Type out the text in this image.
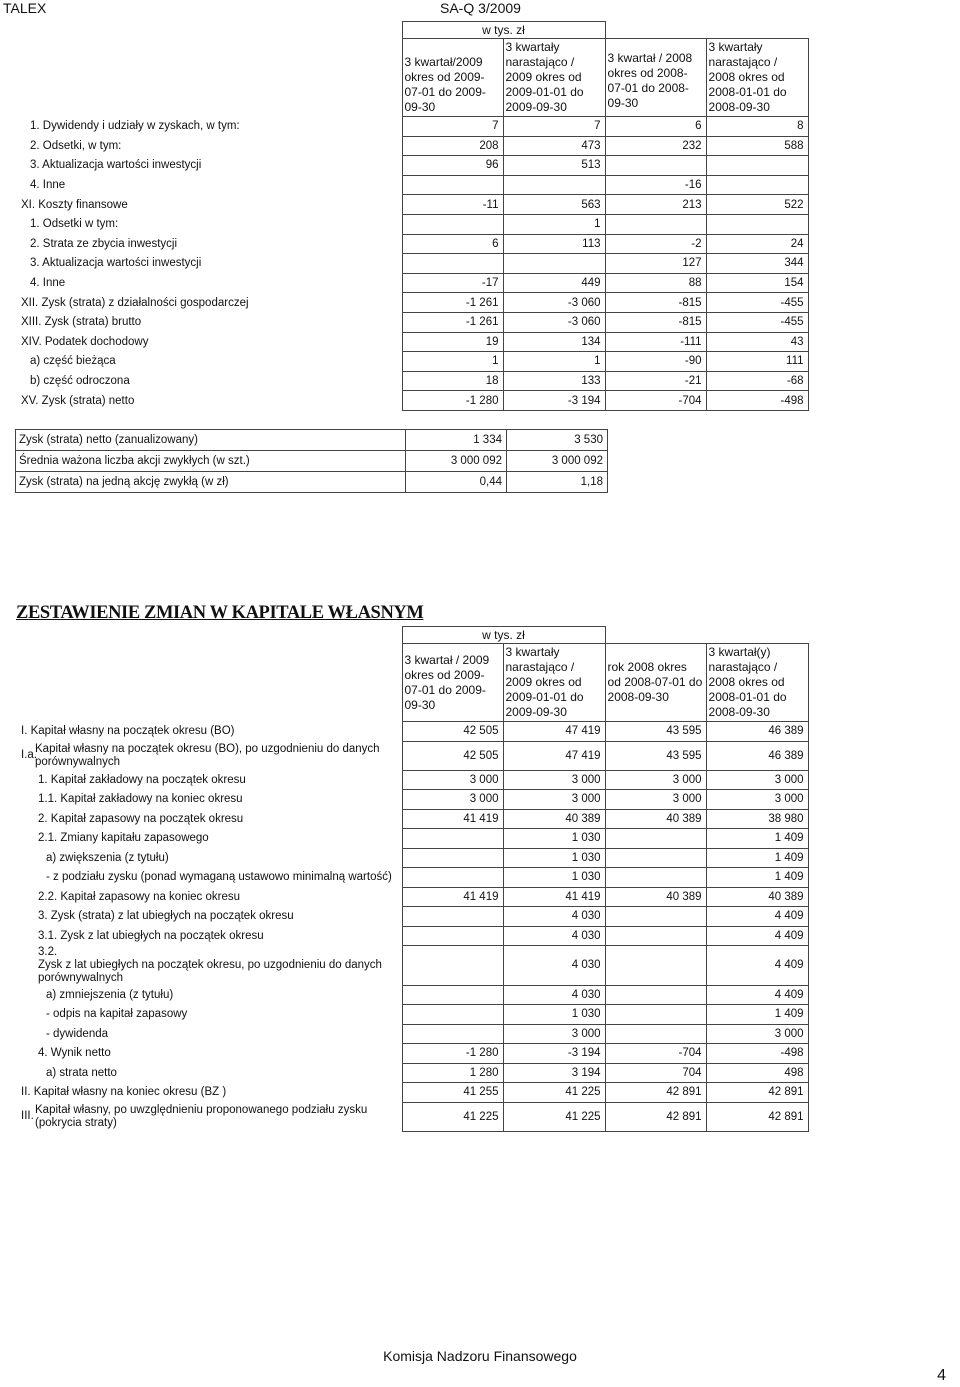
TALEX	SA-Q 3/2009
	w tys. zł			
	3 kwartał/2009 okres od 2009-07-01 do 2009-09-30	3 kwartały narastająco / 2009 okres od 2009-01-01 do 2009-09-30	3 kwartał / 2008 okres od 2008-07-01 do 2008-09-30	3 kwartały narastająco / 2008 okres od 2008-01-01 do 2008-09-30
1. Dywidendy i udziały w zyskach, w tym:	7	7	6	8
2. Odsetki, w tym:	208	473	232	588
3. Aktualizacja wartości inwestycji	96	513		
4. Inne			-16	
XI. Koszty finansowe	-11	563	213	522
1. Odsetki w tym:		1		
2. Strata ze zbycia inwestycji	6	113	-2	24
3. Aktualizacja wartości inwestycji			127	344
4. Inne	-17	449	88	154
XII. Zysk (strata) z działalności gospodarczej	-1 261	-3 060	-815	-455
XIII. Zysk (strata) brutto	-1 261	-3 060	-815	-455
XIV. Podatek dochodowy	19	134	-111	43
a) część bieżąca	1	1	-90	111
b) część odroczona	18	133	-21	-68
XV. Zysk (strata) netto	-1 280	-3 194	-704	-498
Zysk (strata) netto (zanualizowany)	1 334	3 530
Średnia ważona liczba akcji zwykłych (w szt.)	3 000 092	3 000 092
Zysk (strata) na jedną akcję zwykłą (w zł)	0,44	1,18
ZESTAWIENIE ZMIAN W KAPITALE WŁASNYM
	w tys. zł			
	3 kwartał / 2009 okres od 2009-07-01 do 2009-09-30	3 kwartały narastająco / 2009 okres od 2009-01-01 do 2009-09-30	rok 2008 okres od 2008-07-01 do 2008-09-30	3 kwartał(y) narastająco / 2008 okres od 2008-01-01 do 2008-09-30
I. Kapitał własny na początek okresu (BO)	42 505	47 419	43 595	46 389
I.a.Kapitał własny na początek okresu (BO), po uzgodnieniu do danych porównywalnych	42 505	47 419	43 595	46 389
1. Kapitał zakładowy na początek okresu	3 000	3 000	3 000	3 000
1.1. Kapitał zakładowy na koniec okresu	3 000	3 000	3 000	3 000
2. Kapitał zapasowy na początek okresu	41 419	40 389	40 389	38 980
2.1. Zmiany kapitału zapasowego		1 030		1 409
a) zwiększenia (z tytułu)		1 030		1 409
- z podziału zysku (ponad wymaganą ustawowo minimalną wartość)		1 030		1 409
2.2. Kapitał zapasowy na koniec okresu	41 419	41 419	40 389	40 389
3. Zysk (strata) z lat ubiegłych na początek okresu		4 030		4 409
3.1. Zysk z lat ubiegłych na początek okresu		4 030		4 409
3.2.Zysk z lat ubiegłych na początek okresu, po uzgodnieniu do danych porównywalnych		4 030		4 409
a) zmniejszenia (z tytułu)		4 030		4 409
- odpis na kapitał zapasowy		1 030		1 409
- dywidenda		3 000		3 000
4. Wynik netto	-1 280	-3 194	-704	-498
a) strata netto	1 280	3 194	704	498
II. Kapitał własny na koniec okresu (BZ )	41 255	41 225	42 891	42 891
III.Kapitał własny, po uwzględnieniu proponowanego podziału zysku (pokrycia straty)	41 225	41 225	42 891	42 891
Komisja Nadzoru Finansowego
4
